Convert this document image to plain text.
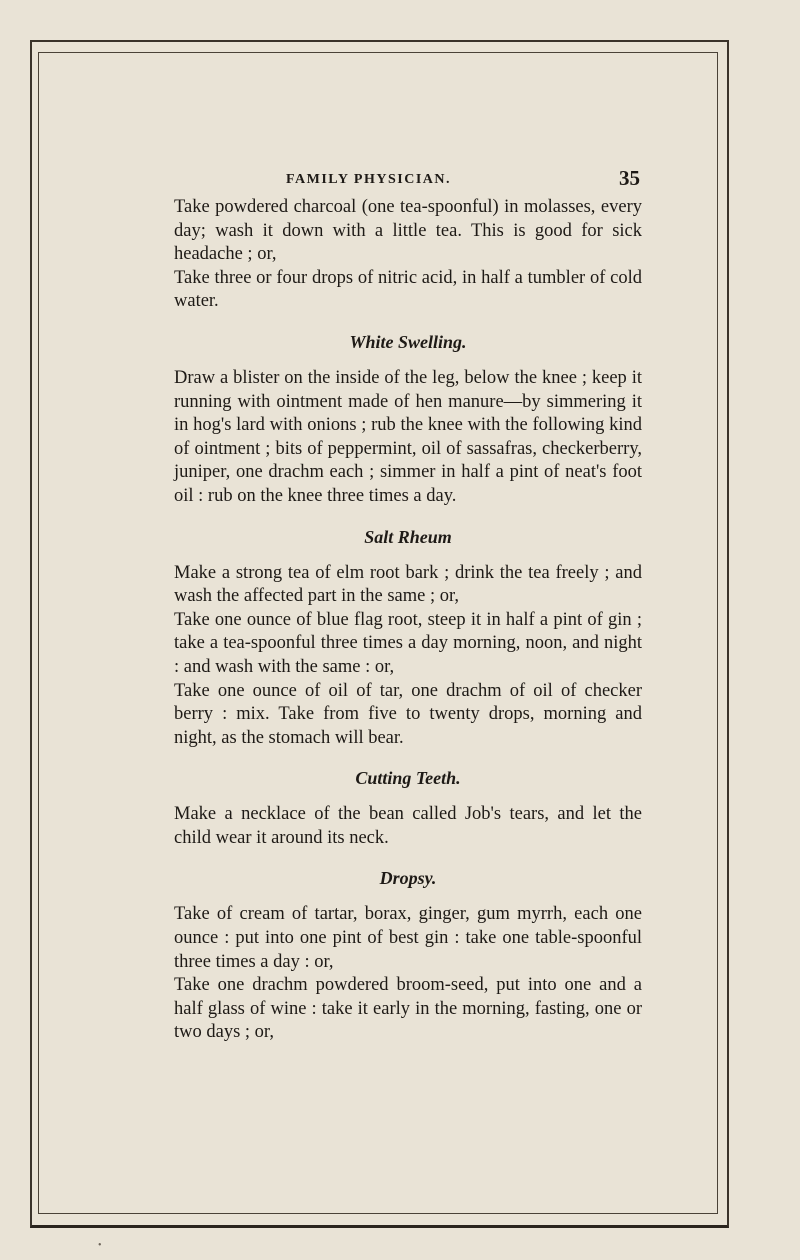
FAMILY PHYSICIAN.	35

Take powdered charcoal (one tea-spoonful) in molasses, every day; wash it down with a little tea. This is good for sick headache ; or,

Take three or four drops of nitric acid, in half a tumbler of cold water.

White Swelling.

Draw a blister on the inside of the leg, below the knee ; keep it running with ointment made of hen manure—by simmering it in hog's lard with onions ; rub the knee with the following kind of ointment ; bits of peppermint, oil of sassafras, checkerberry, juniper, one drachm each ; simmer in half a pint of neat's foot oil : rub on the knee three times a day.

Salt Rheum

Make a strong tea of elm root bark ; drink the tea freely ; and wash the affected part in the same ; or,

Take one ounce of blue flag root, steep it in half a pint of gin ; take a tea-spoonful three times a day morning, noon, and night : and wash with the same : or,

Take one ounce of oil of tar, one drachm of oil of checker berry : mix. Take from five to twenty drops, morning and night, as the stomach will bear.

Cutting Teeth.

Make a necklace of the bean called Job's tears, and let the child wear it around its neck.

Dropsy.

Take of cream of tartar, borax, ginger, gum myrrh, each one ounce : put into one pint of best gin : take one table-spoonful three times a day : or,

Take one drachm powdered broom-seed, put into one and a half glass of wine : take it early in the morning, fasting, one or two days ; or,

•
